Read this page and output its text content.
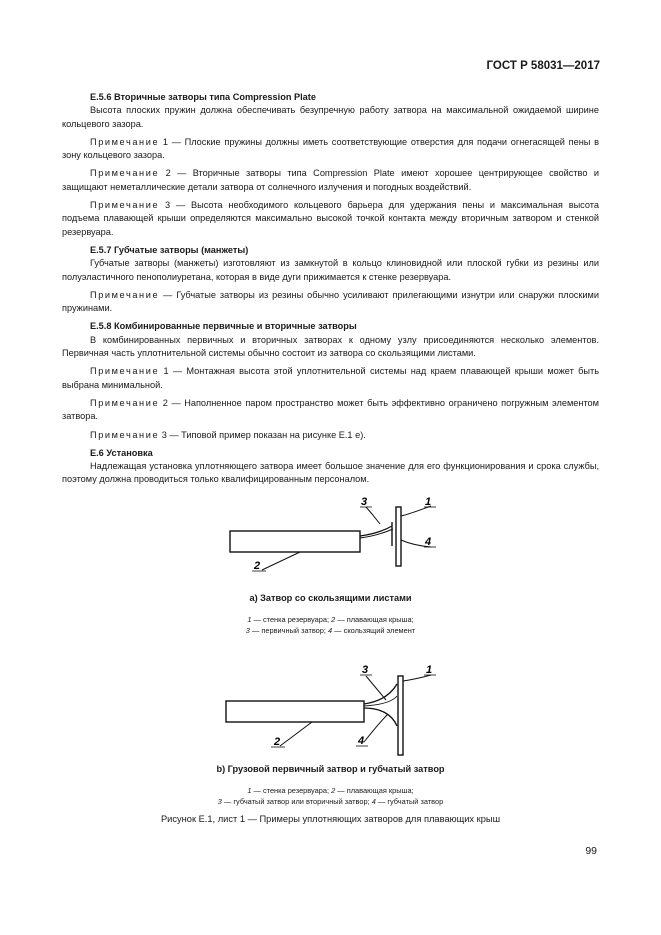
ГОСТ Р 58031—2017
Е.5.6 Вторичные затворы типа Compression Plate
Высота плоских пружин должна обеспечивать безупречную работу затвора на максимальной ожидаемой ширине кольцевого зазора.
Примечание 1 — Плоские пружины должны иметь соответствующие отверстия для подачи огнегасящей пены в зону кольцевого зазора.
Примечание 2 — Вторичные затворы типа Compression Plate имеют хорошее центрирующее свойство и защищают неметаллические детали затвора от солнечного излучения и погодных воздействий.
Примечание 3 — Высота необходимого кольцевого барьера для удержания пены и максимальная высота подъема плавающей крыши определяются максимально высокой точкой контакта между вторичным затвором и стенкой резервуара.
Е.5.7 Губчатые затворы (манжеты)
Губчатые затворы (манжеты) изготовляют из замкнутой в кольцо клиновидной или плоской губки из резины или полуэластичного пенополиуретана, которая в виде дуги прижимается к стенке резервуара.
Примечание — Губчатые затворы из резины обычно усиливают прилегающими изнутри или снаружи плоскими пружинами.
Е.5.8 Комбинированные первичные и вторичные затворы
В комбинированных первичных и вторичных затворах к одному узлу присоединяются несколько элементов. Первичная часть уплотнительной системы обычно состоит из затвора со скользящими листами.
Примечание 1 — Монтажная высота этой уплотнительной системы над краем плавающей крыши может быть выбрана минимальной.
Примечание 2 — Наполненное паром пространство может быть эффективно ограничено погружным элементом затвора.
Примечание 3 — Типовой пример показан на рисунке Е.1 е).
Е.6 Установка
Надлежащая установка уплотняющего затвора имеет большое значение для его функционирования и срока службы, поэтому должна проводиться только квалифицированным персоналом.
3	1
4
2
а) Затвор со скользящими листами
1 — стенка резервуара; 2 — плавающая крыша;
3 — первичный затвор; 4 — скользящий элемент
3	1
4
2
b) Грузовой первичный затвор и губчатый затвор
1 — стенка резервуара; 2 — плавающая крыша;
3 — губчатый затвор или вторичный затвор; 4 — губчатый затвор
Рисунок Е.1, лист 1 — Примеры уплотняющих затворов для плавающих крыш
99
